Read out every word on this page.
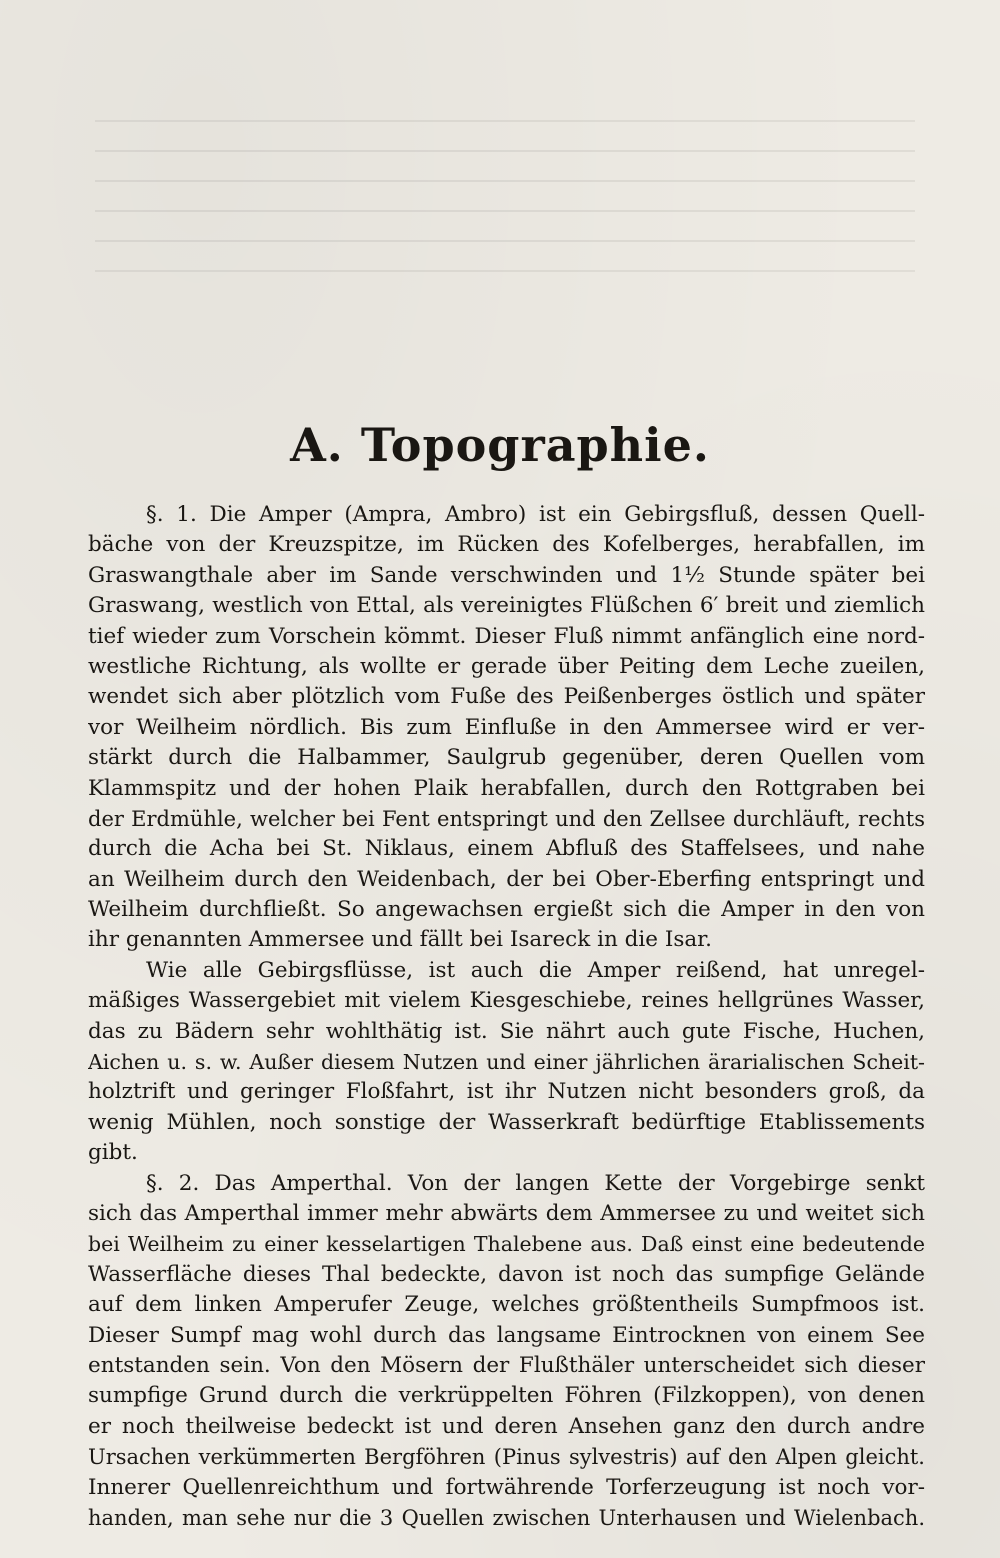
A. Topographie.
§. 1. Die Amper (Ampra, Ambro) ist ein Gebirgsfluß, dessen Quell-
bäche von der Kreuzspitze, im Rücken des Kofelberges, herabfallen, im
Graswangthale aber im Sande verschwinden und 1½ Stunde später bei
Graswang, westlich von Ettal, als vereinigtes Flüßchen 6′ breit und ziemlich
tief wieder zum Vorschein kömmt. Dieser Fluß nimmt anfänglich eine nord-
westliche Richtung, als wollte er gerade über Peiting dem Leche zueilen,
wendet sich aber plötzlich vom Fuße des Peißenberges östlich und später
vor Weilheim nördlich. Bis zum Einfluße in den Ammersee wird er ver-
stärkt durch die Halbammer, Saulgrub gegenüber, deren Quellen vom
Klammspitz und der hohen Plaik herabfallen, durch den Rottgraben bei
der Erdmühle, welcher bei Fent entspringt und den Zellsee durchläuft, rechts
durch die Acha bei St. Niklaus, einem Abfluß des Staffelsees, und nahe
an Weilheim durch den Weidenbach, der bei Ober-Eberfing entspringt und
Weilheim durchfließt. So angewachsen ergießt sich die Amper in den von
ihr genannten Ammersee und fällt bei Isareck in die Isar.
Wie alle Gebirgsflüsse, ist auch die Amper reißend, hat unregel-
mäßiges Wassergebiet mit vielem Kiesgeschiebe, reines hellgrünes Wasser,
das zu Bädern sehr wohlthätig ist. Sie nährt auch gute Fische, Huchen,
Aichen u. s. w. Außer diesem Nutzen und einer jährlichen ärarialischen Scheit-
holztrift und geringer Floßfahrt, ist ihr Nutzen nicht besonders groß, da
wenig Mühlen, noch sonstige der Wasserkraft bedürftige Etablissements
gibt.
§. 2. Das Amperthal. Von der langen Kette der Vorgebirge senkt
sich das Amperthal immer mehr abwärts dem Ammersee zu und weitet sich
bei Weilheim zu einer kesselartigen Thalebene aus. Daß einst eine bedeutende
Wasserfläche dieses Thal bedeckte, davon ist noch das sumpfige Gelände
auf dem linken Amperufer Zeuge, welches größtentheils Sumpfmoos ist.
Dieser Sumpf mag wohl durch das langsame Eintrocknen von einem See
entstanden sein. Von den Mösern der Flußthäler unterscheidet sich dieser
sumpfige Grund durch die verkrüppelten Föhren (Filzkoppen), von denen
er noch theilweise bedeckt ist und deren Ansehen ganz den durch andre
Ursachen verkümmerten Bergföhren (Pinus sylvestris) auf den Alpen gleicht.
Innerer Quellenreichthum und fortwährende Torferzeugung ist noch vor-
handen, man sehe nur die 3 Quellen zwischen Unterhausen und Wielenbach.
